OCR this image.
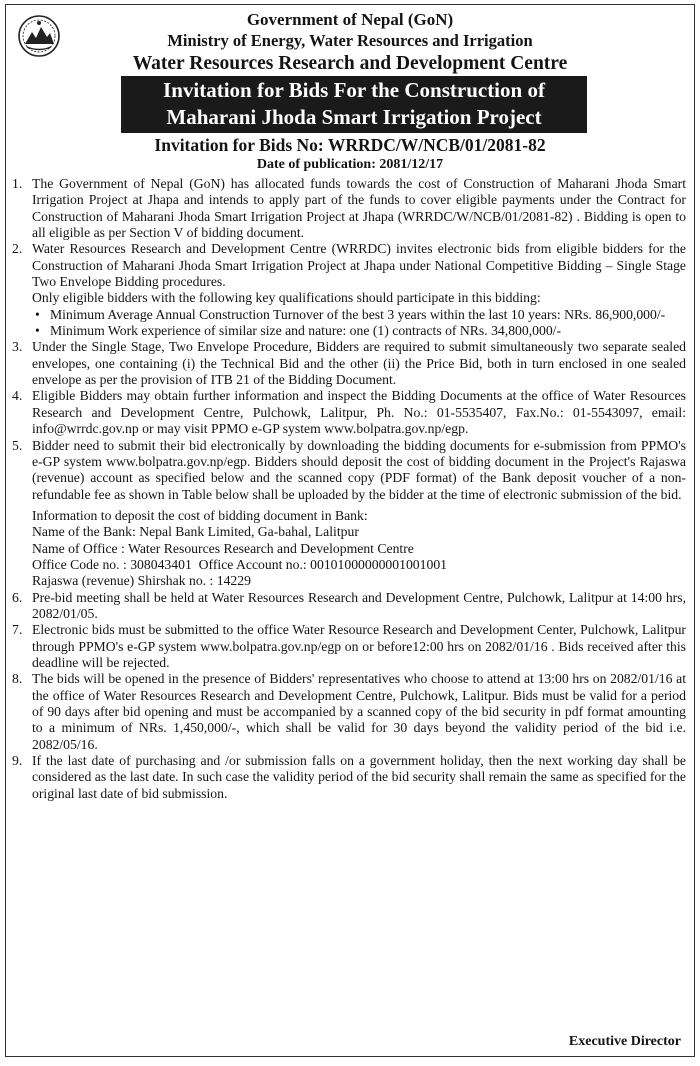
Government of Nepal (GoN)
Ministry of Energy, Water Resources and Irrigation
Water Resources Research and Development Centre
Invitation for Bids For the Construction of
Maharani Jhoda Smart Irrigation Project
Invitation for Bids No: WRRDC/W/NCB/01/2081-82
Date of publication: 2081/12/17
1. The Government of Nepal (GoN) has allocated funds towards the cost of Construction of Maharani Jhoda Smart Irrigation Project at Jhapa and intends to apply part of the funds to cover eligible payments under the Contract for Construction of Maharani Jhoda Smart Irrigation Project at Jhapa (WRRDC/W/NCB/01/2081-82) . Bidding is open to all eligible as per Section V of bidding document.

2. Water Resources Research and Development Centre (WRRDC) invites electronic bids from eligible bidders for the Construction of Maharani Jhoda Smart Irrigation Project at Jhapa under National Competitive Bidding – Single Stage Two Envelope Bidding procedures.

Only eligible bidders with the following key qualifications should participate in this bidding:

• Minimum Average Annual Construction Turnover of the best 3 years within the last 10 years: NRs. 86,900,000/-
• Minimum Work experience of similar size and nature: one (1) contracts of NRs. 34,800,000/-
3. Under the Single Stage, Two Envelope Procedure, Bidders are required to submit simultaneously two separate sealed envelopes, one containing (i) the Technical Bid and the other (ii) the Price Bid, both in turn enclosed in one sealed envelope as per the provision of ITB 21 of the Bidding Document.

4. Eligible Bidders may obtain further information and inspect the Bidding Documents at the office of Water Resources Research and Development Centre, Pulchowk, Lalitpur, Ph. No.: 01-5535407, Fax.No.: 01-5543097, email: info@wrrdc.gov.np or may visit PPMO e-GP system www.bolpatra.gov.np/egp.

5. Bidder need to submit their bid electronically by downloading the bidding documents for e-submission from PPMO's e-GP system www.bolpatra.gov.np/egp. Bidders should deposit the cost of bidding document in the Project's Rajaswa (revenue) account as specified below and the scanned copy (PDF format) of the Bank deposit voucher of a non-refundable fee as shown in Table below shall be uploaded by the bidder at the time of electronic submission of the bid.

Information to deposit the cost of bidding document in Bank:
Name of the Bank: Nepal Bank Limited, Ga-bahal, Lalitpur
Name of Office : Water Resources Research and Development Centre
Office Code no. : 308043401  Office Account no.: 00101000000001001001
Rajaswa (revenue) Shirshak no. : 14229
6. Pre-bid meeting shall be held at Water Resources Research and Development Centre, Pulchowk, Lalitpur at 14:00 hrs, 2082/01/05.

7. Electronic bids must be submitted to the office Water Resource Research and Development Center, Pulchowk, Lalitpur through PPMO's e-GP system www.bolpatra.gov.np/egp on or before12:00 hrs on 2082/01/16 . Bids received after this deadline will be rejected.

8. The bids will be opened in the presence of Bidders' representatives who choose to attend at 13:00 hrs on 2082/01/16 at the office of Water Resources Research and Development Centre, Pulchowk, Lalitpur. Bids must be valid for a period of 90 days after bid opening and must be accompanied by a scanned copy of the bid security in pdf format amounting to a minimum of NRs. 1,450,000/-, which shall be valid for 30 days beyond the validity period of the bid i.e. 2082/05/16.

9. If the last date of purchasing and /or submission falls on a government holiday, then the next working day shall be considered as the last date. In such case the validity period of the bid security shall remain the same as specified for the original last date of bid submission.

Executive Director
